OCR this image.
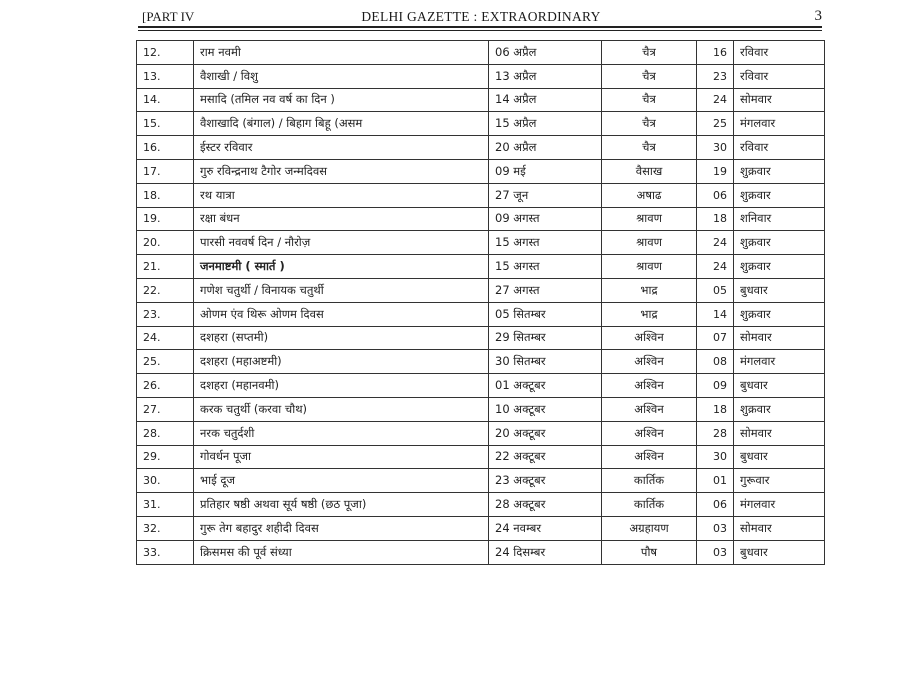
[PART IV	DELHI GAZETTE : EXTRAORDINARY	3
12.	राम नवमी	06 अप्रैल	चैत्र	16	रविवार
13.	वैशाखी / विशु	13 अप्रैल	चैत्र	23	रविवार
14.	मसादि (तमिल नव वर्ष का दिन )	14 अप्रैल	चैत्र	24	सोमवार
15.	वैशाखादि (बंगाल) / बिहाग बिहू (असम	15 अप्रैल	चैत्र	25	मंगलवार
16.	ईस्टर रविवार	20 अप्रैल	चैत्र	30	रविवार
17.	गुरु रविन्द्रनाथ टैगोर जन्मदिवस	09 मई	वैसाख	19	शुक्रवार
18.	रथ यात्रा	27 जून	अषाढ	06	शुक्रवार
19.	रक्षा बंधन	09 अगस्त	श्रावण	18	शनिवार
20.	पारसी नववर्ष दिन / नौरोज़	15 अगस्त	श्रावण	24	शुक्रवार
21.	जनमाष्टमी ( स्मार्त )	15 अगस्त	श्रावण	24	शुक्रवार
22.	गणेश चतुर्थी / विनायक चतुर्थी	27 अगस्त	भाद्र	05	बुधवार
23.	ओणम एंव थिरू ओणम दिवस	05 सितम्बर	भाद्र	14	शुक्रवार
24.	दशहरा (सप्तमी)	29 सितम्बर	अश्विन	07	सोमवार
25.	दशहरा (महाअष्टमी)	30 सितम्बर	अश्विन	08	मंगलवार
26.	दशहरा (महानवमी)	01 अक्टूबर	अश्विन	09	बुधवार
27.	करक चतुर्थी (करवा चौथ)	10 अक्टूबर	अश्विन	18	शुक्रवार
28.	नरक चतुर्दशी	20 अक्टूबर	अश्विन	28	सोमवार
29.	गोवर्धन पूजा	22 अक्टूबर	अश्विन	30	बुधवार
30.	भाई दूज	23 अक्टूबर	कार्तिक	01	गुरूवार
31.	प्रतिहार षष्ठी अथवा सूर्य षष्ठी (छठ पूजा)	28 अक्टूबर	कार्तिक	06	मंगलवार
32.	गुरू तेग बहादुर शहीदी दिवस	24 नवम्बर	अग्रहायण	03	सोमवार
33.	क्रिसमस की पूर्व संध्या	24 दिसम्बर	पौष	03	बुधवार
